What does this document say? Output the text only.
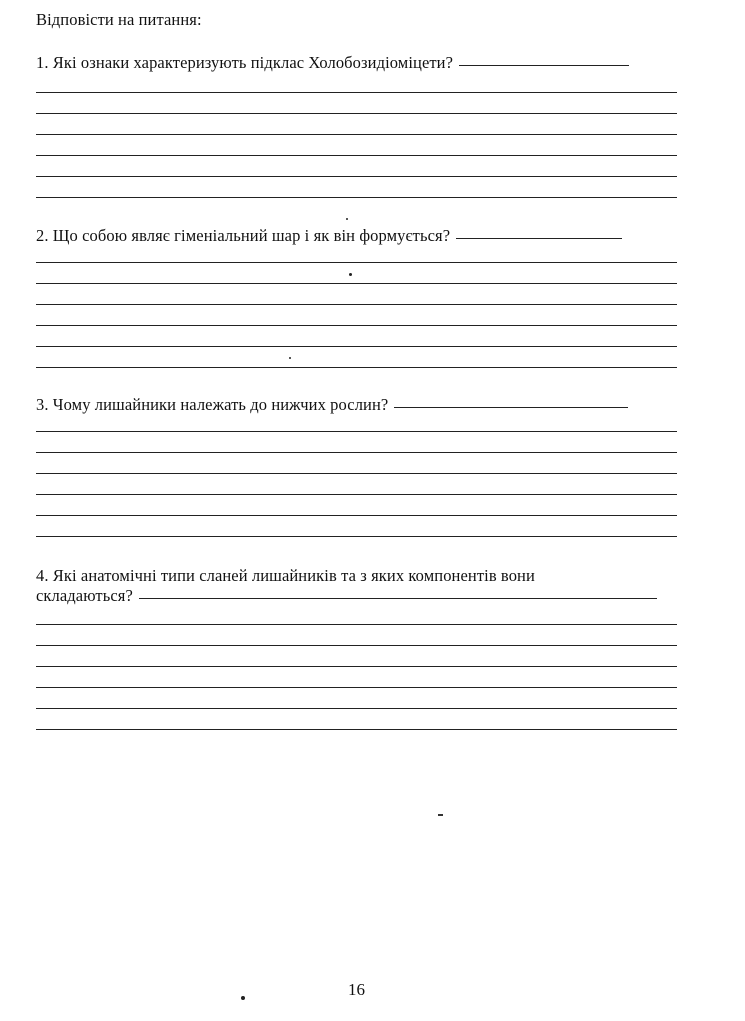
Відповісти на питання:
1. Які ознаки характеризують підклас Холобозидіоміцети?
2. Що собою являє гіменіальний шар і як він формується?
3. Чому лишайники належать до нижчих рослин?
4. Які анатомічні типи сланей лишайників та з яких компонентів вони
складаються?
16
